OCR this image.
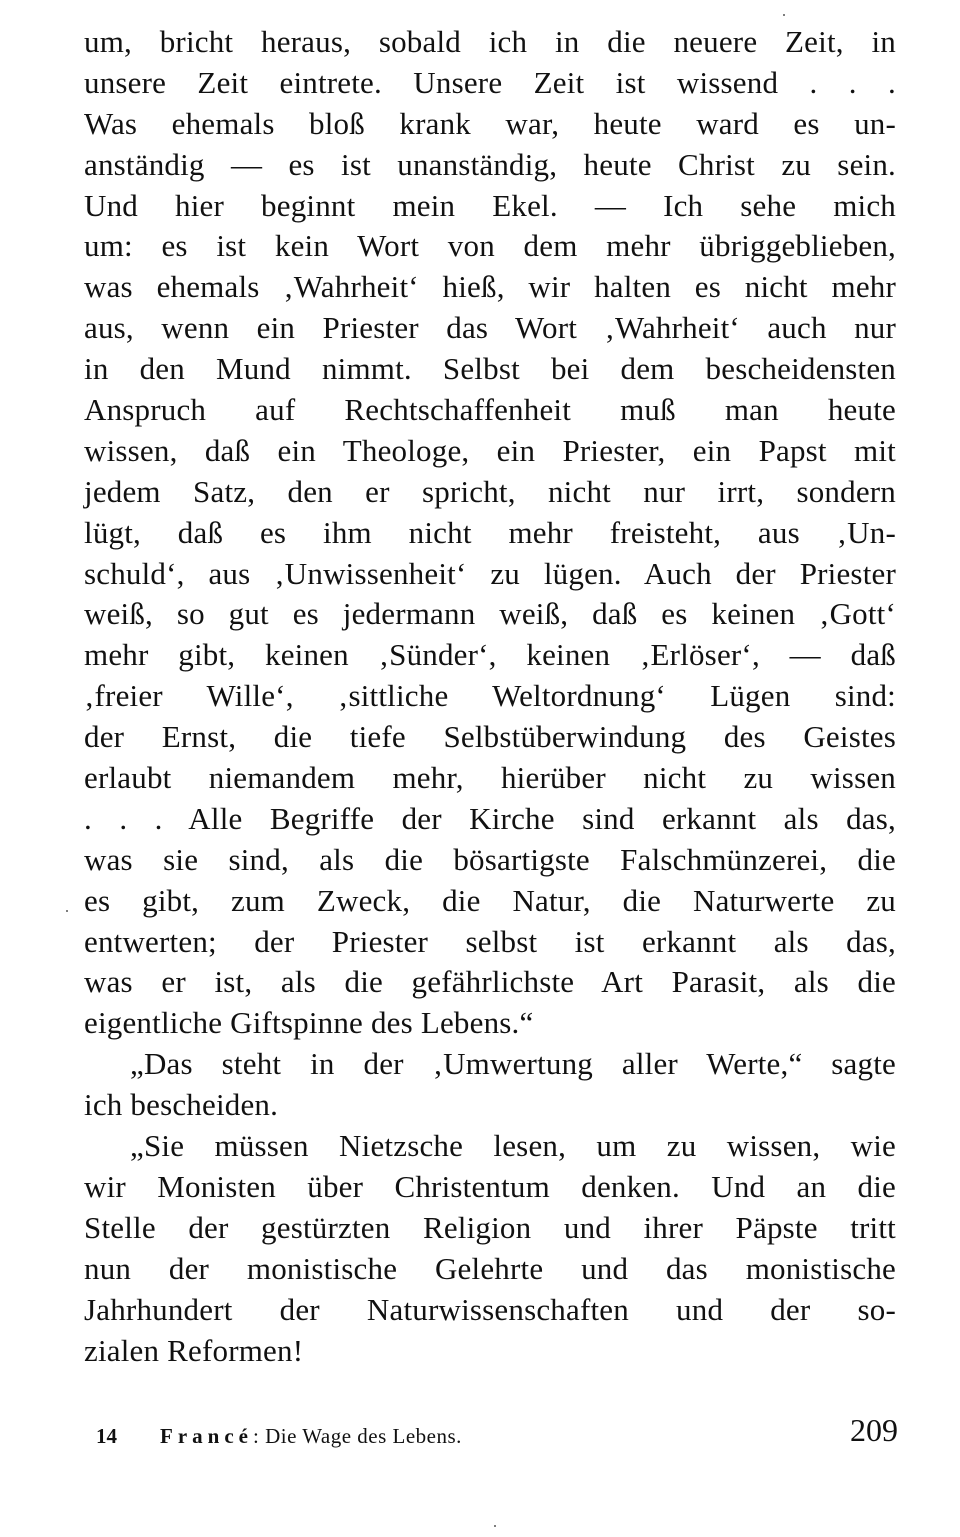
um, bricht heraus, sobald ich in die neuere Zeit, in
unsere Zeit eintrete. Unsere Zeit ist wissend . . .
Was ehemals bloß krank war, heute ward es un-
anständig — es ist unanständig, heute Christ zu sein.
Und hier beginnt mein Ekel. — Ich sehe mich
um: es ist kein Wort von dem mehr übriggeblieben,
was ehemals ‚Wahrheit‘ hieß, wir halten es nicht mehr
aus, wenn ein Priester das Wort ‚Wahrheit‘ auch nur
in den Mund nimmt. Selbst bei dem bescheidensten
Anspruch auf Rechtschaffenheit muß man heute
wissen, daß ein Theologe, ein Priester, ein Papst mit
jedem Satz, den er spricht, nicht nur irrt, sondern
lügt, daß es ihm nicht mehr freisteht, aus ‚Un-
schuld‘, aus ‚Unwissenheit‘ zu lügen. Auch der Priester
weiß, so gut es jedermann weiß, daß es keinen ‚Gott‘
mehr gibt, keinen ‚Sünder‘, keinen ‚Erlöser‘, — daß
‚freier Wille‘, ‚sittliche Weltordnung‘ Lügen sind:
der Ernst, die tiefe Selbstüberwindung des Geistes
erlaubt niemandem mehr, hierüber nicht zu wissen
. . . Alle Begriffe der Kirche sind erkannt als das,
was sie sind, als die bösartigste Falschmünzerei, die
es gibt, zum Zweck, die Natur, die Naturwerte zu
entwerten; der Priester selbst ist erkannt als das,
was er ist, als die gefährlichste Art Parasit, als die
eigentliche Giftspinne des Lebens.“
„Das steht in der ‚Umwertung aller Werte,“ sagte
ich bescheiden.
„Sie müssen Nietzsche lesen, um zu wissen, wie
wir Monisten über Christentum denken. Und an die
Stelle der gestürzten Religion und ihrer Päpste tritt
nun der monistische Gelehrte und das monistische
Jahrhundert der Naturwissenschaften und der so-
zialen Reformen!
14 Francé: Die Wage des Lebens.	209
